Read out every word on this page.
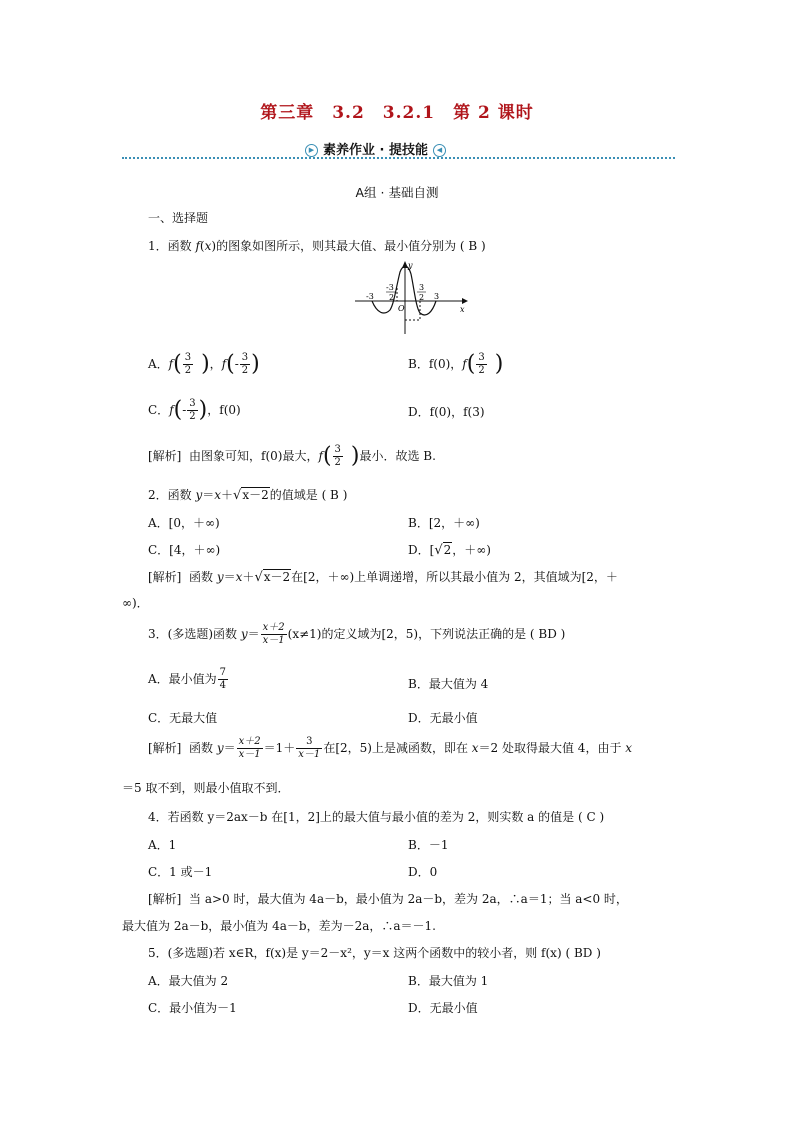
第三章　3.2　3.2.1　第 2 课时
▶ 素养作业 · 提技能 ◀
A组 · 基础自测
一、选择题
1．函数 f(x)的图象如图所示，则其最大值、最小值分别为 ( B )
-3
-3
2
3
2 3
y
x
O
A．$f( \frac{3}{2}$ )，$f(- \frac{3}{2}$ )	B．f(0)，$f( \frac{3}{2}$ )
C．$f(- \frac{3}{2}$ )，f(0)	D．f(0)，f(3)
[解析] 由图象可知，f(0)最大，$f( \frac{3}{2}$ )最小．故选 B.
2．函数 y＝x＋√x－2的值域是 ( B )
A．[0，＋∞)	B．[2，＋∞)
C．[4，＋∞)	D．[√2，＋∞)
[解析] 函数 y＝x＋√x－2在[2，＋∞)上单调递增，所以其最小值为 2，其值域为[2，＋
∞)．
3．(多选题)函数 $y= \frac{x+2}{x-1} (x\ne 1)$的定义域为[2，5)，下列说法正确的是 ( BD )
A．最小值为 $\frac{7}{4}$	B．最大值为 4
C．无最大值	D．无最小值
[解析] 函数 $y= \frac{x+2}{x-1} =1+ \frac{3}{x-1}$ 在[2，5)上是减函数，即在 x＝2 处取得最大值 4，由于 x
＝5 取不到，则最小值取不到．
4．若函数 y＝2ax－b 在[1，2]上的最大值与最小值的差为 2，则实数 a 的值是 ( C )
A．1	B．－1
C．1 或－1	D．0
[解析] 当 a>0 时，最大值为 4a－b，最小值为 2a－b，差为 2a，∴a＝1；当 a<0 时，
最大值为 2a－b，最小值为 4a－b，差为－2a，∴a＝－1.
5．(多选题)若 x∈R，f(x)是 y＝2－x²，y＝x 这两个函数中的较小者，则 f(x) ( BD )
A．最大值为 2	B．最大值为 1
C．最小值为－1	D．无最小值
